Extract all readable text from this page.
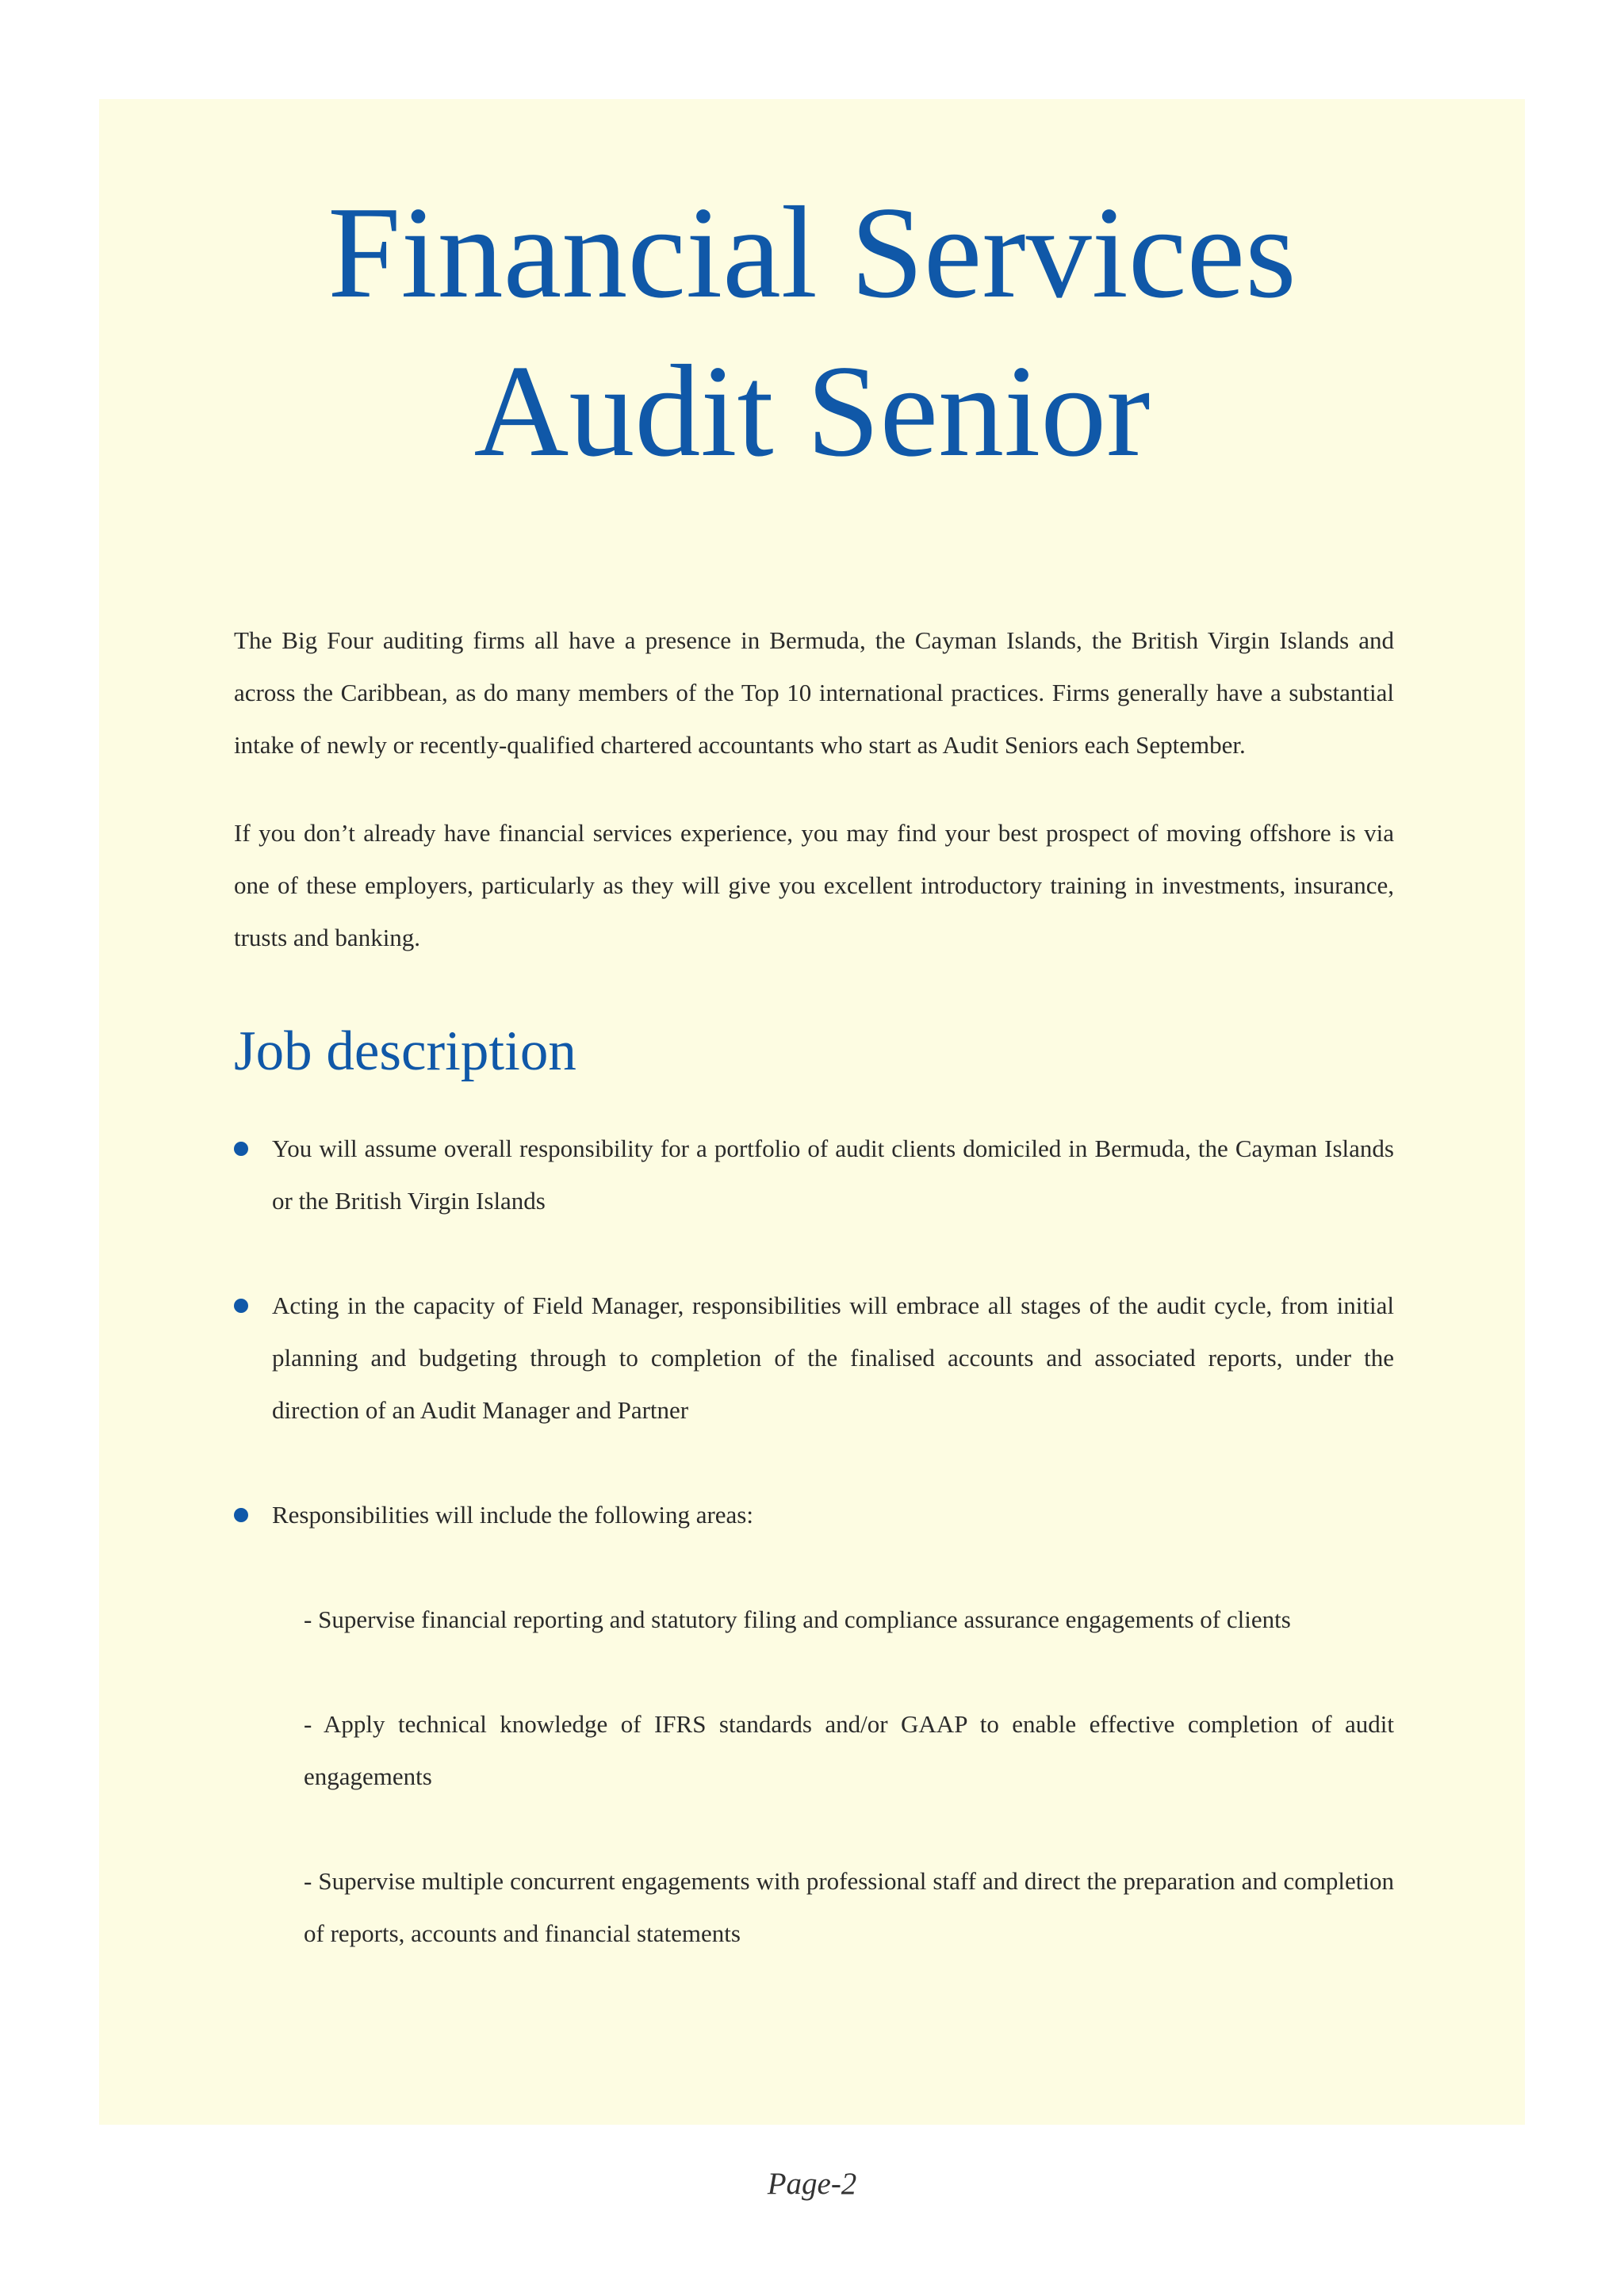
Financial Services
Audit Senior

The Big Four auditing firms all have a presence in Bermuda, the Cayman Islands, the British Virgin Islands and across the Caribbean, as do many members of the Top 10 international practices. Firms generally have a substantial intake of newly or recently-qualified chartered accountants who start as Audit Seniors each September.

If you don’t already have financial services experience, you may find your best prospect of moving offshore is via one of these employers, particularly as they will give you excellent introductory training in investments, insurance, trusts and banking.

Job description
You will assume overall responsibility for a portfolio of audit clients domiciled in Bermuda, the Cayman Islands or the British Virgin Islands
Acting in the capacity of Field Manager, responsibilities will embrace all stages of the audit cycle, from initial planning and budgeting through to completion of the finalised accounts and associated reports, under the direction of an Audit Manager and Partner
Responsibilities will include the following areas:

- Supervise financial reporting and statutory filing and compliance assurance engagements of clients

- Apply technical knowledge of IFRS standards and/or GAAP to enable effective completion of audit engagements

- Supervise multiple concurrent engagements with professional staff and direct the preparation and completion of reports, accounts and financial statements

Page-2
